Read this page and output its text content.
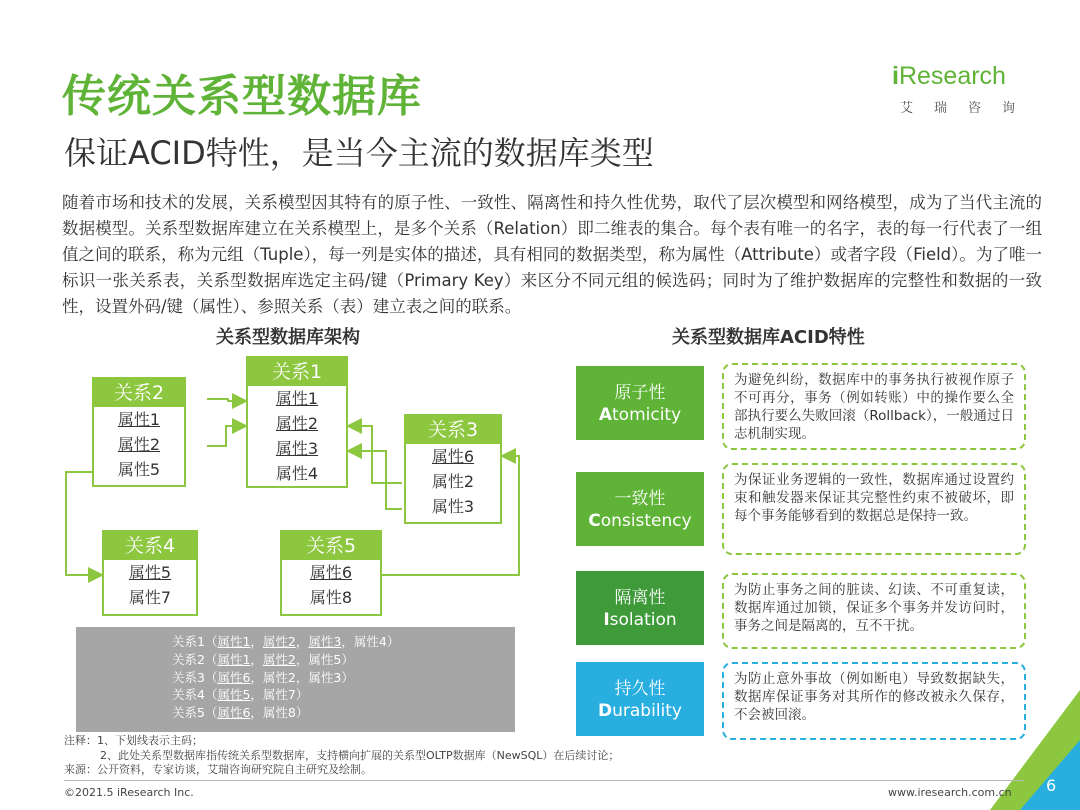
传统关系型数据库
保证ACID特性，是当今主流的数据库类型
iResearch
艾瑞咨询
随着市场和技术的发展，关系模型因其特有的原子性、一致性、隔离性和持久性优势，取代了层次模型和网络模型，成为了当代主流的数据模型。关系型数据库建立在关系模型上，是多个关系（Relation）即二维表的集合。每个表有唯一的名字，表的每一行代表了一组值之间的联系，称为元组（Tuple），每一列是实体的描述，具有相同的数据类型，称为属性（Attribute）或者字段（Field）。为了唯一标识一张关系表，关系型数据库选定主码/键（Primary Key）来区分不同元组的候选码；同时为了维护数据库的完整性和数据的一致性，设置外码/键（属性）、参照关系（表）建立表之间的联系。
关系型数据库架构	关系型数据库ACID特性
关系1
属性1
属性2
属性3
属性4
关系2
属性1
属性2
属性5
关系3
属性6
属性2
属性3
关系4
属性5
属性7
关系5
属性6
属性8
关系1（属性1，属性2，属性3，属性4）
关系2（属性1，属性2，属性5）
关系3（属性6，属性2，属性3）
关系4（属性5，属性7）
关系5（属性6，属性8）
原子性
Atomicity
为避免纠纷，数据库中的事务执行被视作原子不可再分，事务（例如转账）中的操作要么全部执行要么失败回滚（Rollback），一般通过日志机制实现。
一致性
Consistency
为保证业务逻辑的一致性，数据库通过设置约束和触发器来保证其完整性约束不被破坏，即每个事务能够看到的数据总是保持一致。
隔离性
Isolation
为防止事务之间的脏读、幻读、不可重复读，数据库通过加锁，保证多个事务并发访问时，事务之间是隔离的，互不干扰。
持久性
Durability
为防止意外事故（例如断电）导致数据缺失，数据库保证事务对其所作的修改被永久保存，不会被回滚。
注释：1、下划线表示主码；
2、此处关系型数据库指传统关系型数据库，支持横向扩展的关系型OLTP数据库（NewSQL）在后续讨论；
来源：公开资料，专家访谈，艾瑞咨询研究院自主研究及绘制。
©2021.5 iResearch Inc.	www.iresearch.com.cn 6
